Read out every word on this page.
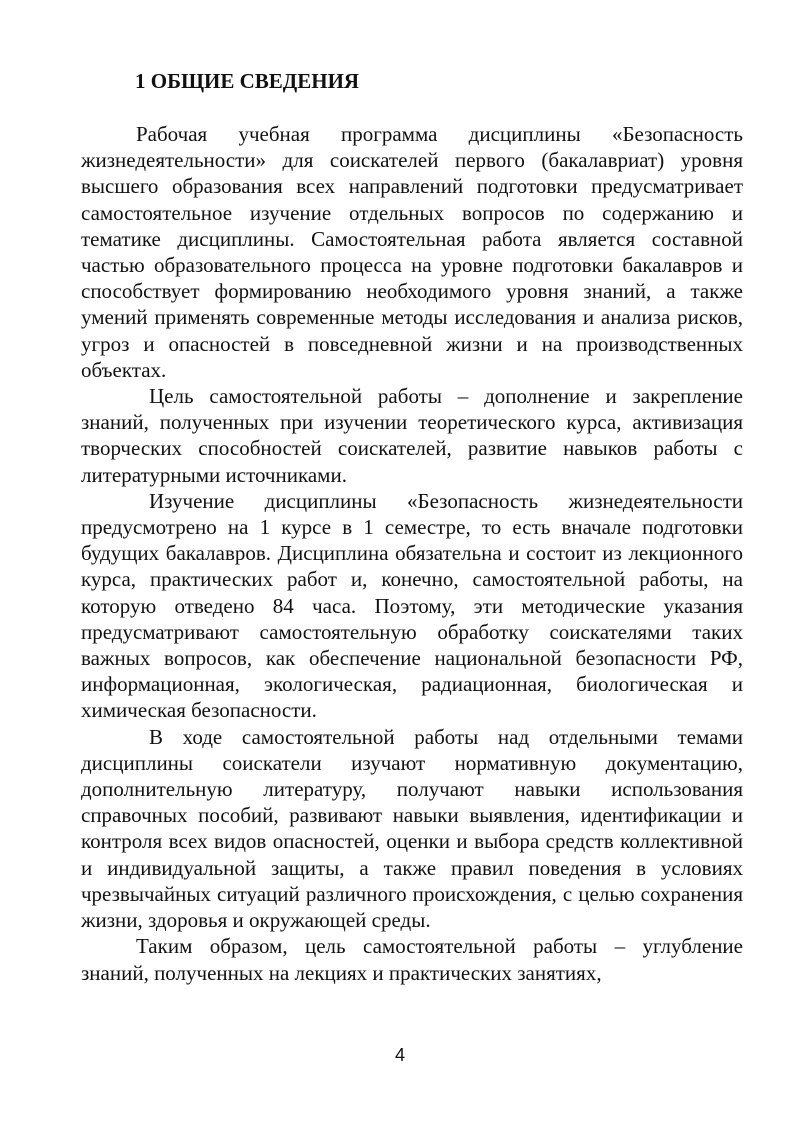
1 ОБЩИЕ СВЕДЕНИЯ

Рабочая учебная программа дисциплины «Безопасность жизнедеятельности» для соискателей первого (бакалавриат) уровня высшего образования всех направлений подготовки предусматривает самостоятельное изучение отдельных вопросов по содержанию и тематике дисциплины. Самостоятельная работа является составной частью образовательного процесса на уровне подготовки бакалавров и способствует формированию необходимого уровня знаний, а также умений применять современные методы исследования и анализа рисков, угроз и опасностей в повседневной жизни и на производственных объектах.

Цель самостоятельной работы – дополнение и закрепление знаний, полученных при изучении теоретического курса, активизация творческих способностей соискателей, развитие навыков работы с литературными источниками.

Изучение дисциплины «Безопасность жизнедеятельности предусмотрено на 1 курсе в 1 семестре, то есть вначале подготовки будущих бакалавров. Дисциплина обязательна и состоит из лекционного курса, практических работ и, конечно, самостоятельной работы, на которую отведено 84 часа. Поэтому, эти методические указания предусматривают самостоятельную обработку соискателями таких важных вопросов, как обеспечение национальной безопасности РФ, информационная, экологическая, радиационная, биологическая и химическая безопасности.

В ходе самостоятельной работы над отдельными темами дисциплины соискатели изучают нормативную документацию, дополнительную литературу, получают навыки использования справочных пособий, развивают навыки выявления, идентификации и контроля всех видов опасностей, оценки и выбора средств коллективной и индивидуальной защиты, а также правил поведения в условиях чрезвычайных ситуаций различного происхождения, с целью сохранения жизни, здоровья и окружающей среды.

Таким образом, цель самостоятельной работы – углубление знаний, полученных на лекциях и практических занятиях,

4
